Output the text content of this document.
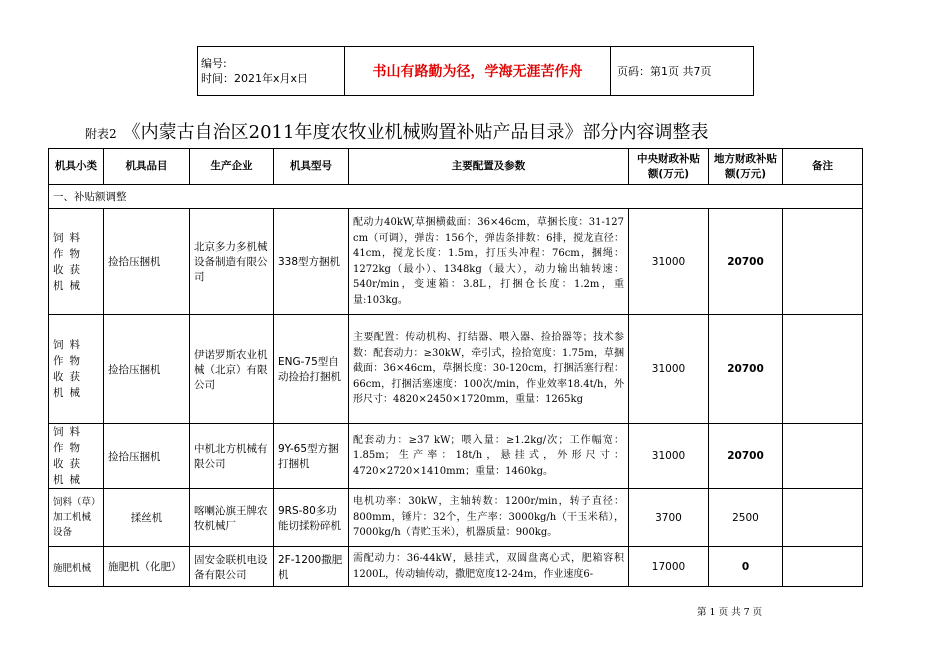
编号:
时间：2021年x月x日	书山有路勤为径，学海无涯苦作舟	页码：第1页 共7页
附表2 《内蒙古自治区2011年度农牧业机械购置补贴产品目录》部分内容调整表
机具小类	机具品目	生产企业	机具型号	主要配置及参数	中央财政补贴额(万元)	地方财政补贴额(万元)	备注
一、补贴额调整							
饲料作物收获机械	捡拾压捆机	北京多力多机械设备制造有限公司	338型方捆机	配动力40kW,草捆横截面：36×46cm，草捆长度：31-127 cm（可调），弹齿：156个，弹齿条排数：6排，搅龙直径：41cm，搅龙长度：1.5m，打压头冲程：76cm，捆绳：1272kg（最小）、1348kg（最大），动力输出轴转速：540r/min，变速箱：3.8L，打捆仓长度：1.2m，重量:103kg。	31000	20700	
饲料作物收获机械	捡拾压捆机	伊诺罗斯农业机械（北京）有限公司	ENG-75型自动捡拾打捆机	主要配置：传动机构、打结器、喂入器、捡拾器等；技术参数：配套动力：≥30kW，牵引式，捡拾宽度：1.75m，草捆截面：36×46cm，草捆长度：30-120cm，打捆活塞行程：66cm，打捆活塞速度：100次/min，作业效率18.4t/h，外形尺寸：4820×2450×1720mm，重量：1265kg	31000	20700	
饲料作物收获机械	捡拾压捆机	中机北方机械有限公司	9Y-65型方捆打捆机	配套动力：≥37 kW；喂入量：≥1.2kg/次；工作幅宽：1.85m；生产率：18t/h，悬挂式，外形尺寸：4720×2720×1410mm；重量：1460kg。	31000	20700	
饲料（草）加工机械设备	揉丝机	喀喇沁旗王牌农牧机械厂	9RS-80多功能切揉粉碎机	电机功率：30kW，主轴转数：1200r/min，转子直径：800mm，锤片：32个，生产率：3000kg/h（干玉米秸），7000kg/h（青贮玉米），机器质量：900kg。	3700	2500	
施肥机械	施肥机（化肥）	固安金联机电设备有限公司	2F-1200撒肥机	需配动力：36-44kW，悬挂式，双圆盘离心式，肥箱容积1200L，传动轴传动，撒肥宽度12-24m，作业速度6-	17000	0	
第 1 页 共 7 页
